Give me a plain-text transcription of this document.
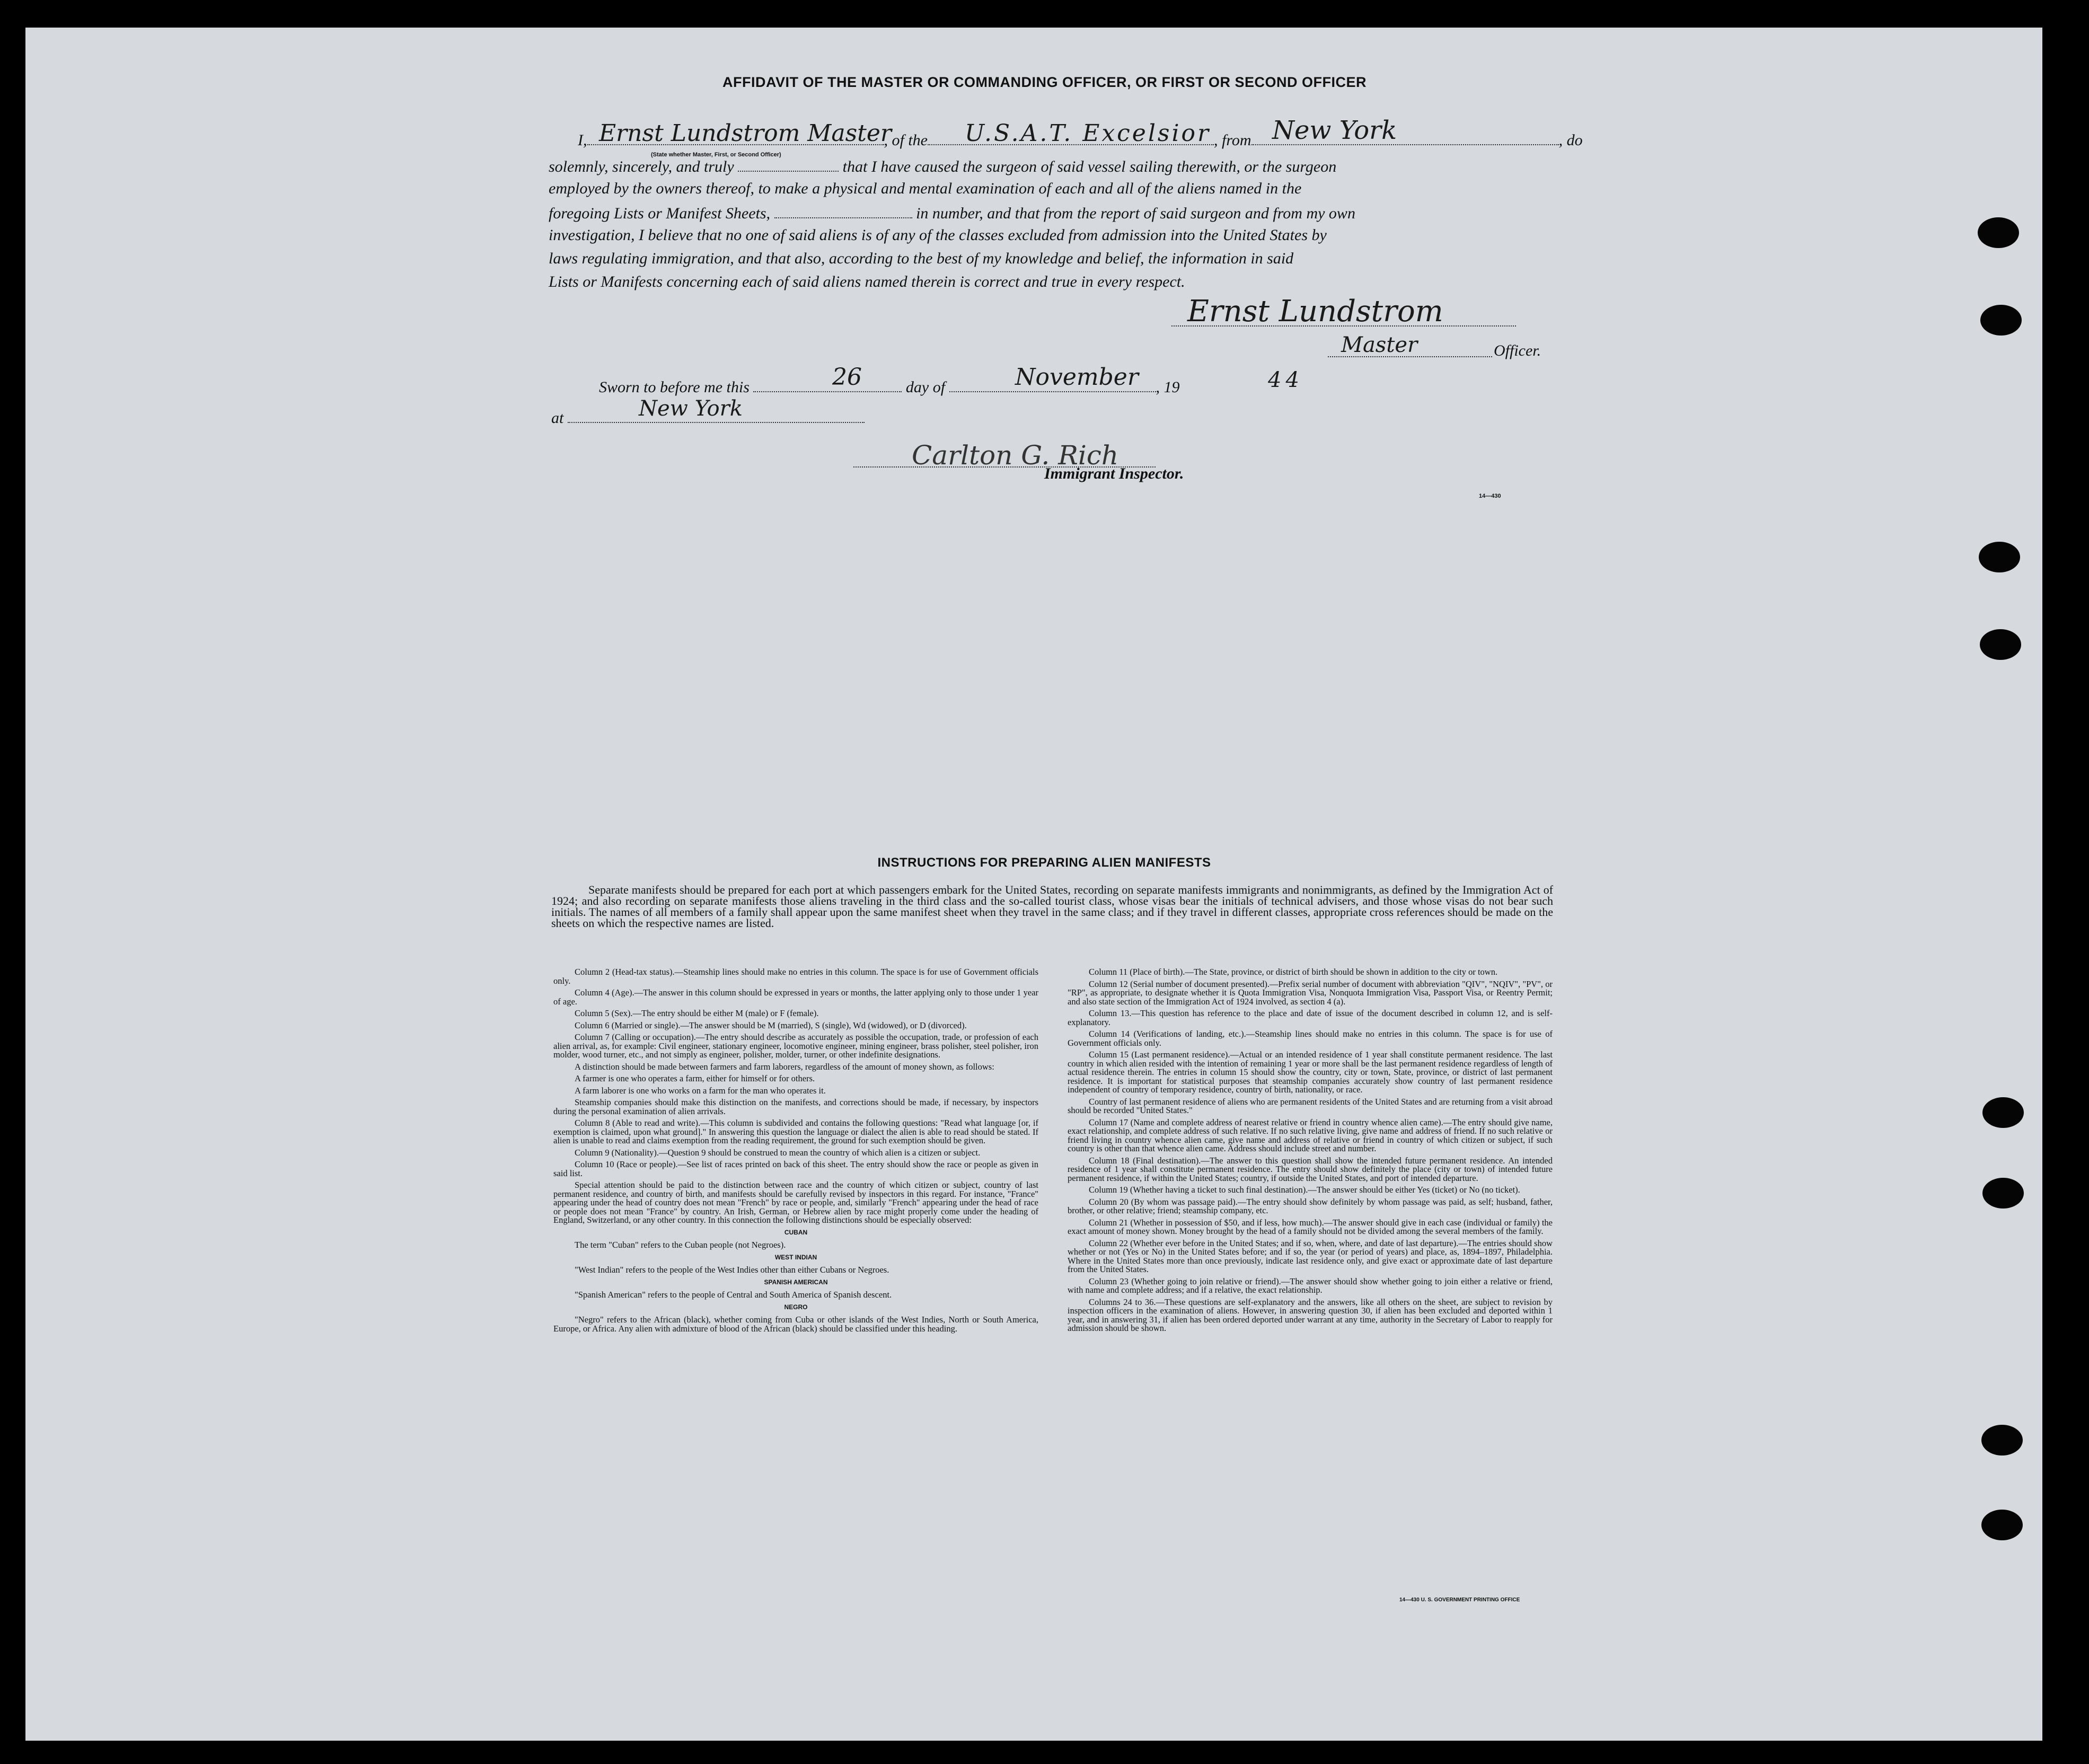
AFFIDAVIT OF THE MASTER OR COMMANDING OFFICER, OR FIRST OR SECOND OFFICER
I,	, of the	, from	, do
Ernst Lundstrom Master	U.S.A.T. Excelsior New York
(State whether Master, First, or Second Officer)
solemnly, sincerely, and truly	that I have caused the surgeon of said vessel sailing therewith, or the surgeon
employed by the owners thereof, to make a physical and mental examination of each and all of the aliens named in the
foregoing Lists or Manifest Sheets,	in number, and that from the report of said surgeon and from my own
investigation, I believe that no one of said aliens is of any of the classes excluded from admission into the United States by
laws regulating immigration, and that also, according to the best of my knowledge and belief, the information in said
Lists or Manifests concerning each of said aliens named therein is correct and true in every respect.
Ernst Lundstrom
Master	Officer.
Sworn to before me this	day of	, 19
26	November	44
at	New York
Carlton G. Rich
Immigrant Inspector.
14—430
INSTRUCTIONS FOR PREPARING ALIEN MANIFESTS
Separate manifests should be prepared for each port at which passengers embark for the United States, recording on separate manifests immigrants and nonimmigrants, as defined by the Immigration Act of 1924; and also recording on separate manifests those aliens traveling in the third class and the so-called tourist class, whose visas bear the initials of technical advisers, and those whose visas do not bear such initials. The names of all members of a family shall appear upon the same manifest sheet when they travel in the same class; and if they travel in different classes, appropriate cross references should be made on the sheets on which the respective names are listed.

Column 2 (Head-tax status).—Steamship lines should make no entries in this column. The space is for use of Government officials only.

Column 4 (Age).—The answer in this column should be expressed in years or months, the latter applying only to those under 1 year of age.

Column 5 (Sex).—The entry should be either M (male) or F (female).

Column 6 (Married or single).—The answer should be M (married), S (single), Wd (widowed), or D (divorced).

Column 7 (Calling or occupation).—The entry should describe as accurately as possible the occupation, trade, or profession of each alien arrival, as, for example: Civil engineer, stationary engineer, locomotive engineer, mining engineer, brass polisher, steel polisher, iron molder, wood turner, etc., and not simply as engineer, polisher, molder, turner, or other indefinite designations.

A distinction should be made between farmers and farm laborers, regardless of the amount of money shown, as follows:

A farmer is one who operates a farm, either for himself or for others.

A farm laborer is one who works on a farm for the man who operates it.

Steamship companies should make this distinction on the manifests, and corrections should be made, if necessary, by inspectors during the personal examination of alien arrivals.

Column 8 (Able to read and write).—This column is subdivided and contains the following questions: "Read what language [or, if exemption is claimed, upon what ground]." In answering this question the language or dialect the alien is able to read should be stated. If alien is unable to read and claims exemption from the reading requirement, the ground for such exemption should be given.

Column 9 (Nationality).—Question 9 should be construed to mean the country of which alien is a citizen or subject.

Column 10 (Race or people).—See list of races printed on back of this sheet. The entry should show the race or people as given in said list.

Special attention should be paid to the distinction between race and the country of which citizen or subject, country of last permanent residence, and country of birth, and manifests should be carefully revised by inspectors in this regard. For instance, "France" appearing under the head of country does not mean "French" by race or people, and, similarly "French" appearing under the head of race or people does not mean "France" by country. An Irish, German, or Hebrew alien by race might properly come under the heading of England, Switzerland, or any other country. In this connection the following distinctions should be especially observed:

CUBAN

The term "Cuban" refers to the Cuban people (not Negroes).

WEST INDIAN

"West Indian" refers to the people of the West Indies other than either Cubans or Negroes.

SPANISH AMERICAN

"Spanish American" refers to the people of Central and South America of Spanish descent.

NEGRO

"Negro" refers to the African (black), whether coming from Cuba or other islands of the West Indies, North or South America, Europe, or Africa. Any alien with admixture of blood of the African (black) should be classified under this heading.

Column 11 (Place of birth).—The State, province, or district of birth should be shown in addition to the city or town.

Column 12 (Serial number of document presented).—Prefix serial number of document with abbreviation "QIV", "NQIV", "PV", or "RP", as appropriate, to designate whether it is Quota Immigration Visa, Nonquota Immigration Visa, Passport Visa, or Reentry Permit; and also state section of the Immigration Act of 1924 involved, as section 4 (a).

Column 13.—This question has reference to the place and date of issue of the document described in column 12, and is self-explanatory.

Column 14 (Verifications of landing, etc.).—Steamship lines should make no entries in this column. The space is for use of Government officials only.

Column 15 (Last permanent residence).—Actual or an intended residence of 1 year shall constitute permanent residence. The last country in which alien resided with the intention of remaining 1 year or more shall be the last permanent residence regardless of length of actual residence therein. The entries in column 15 should show the country, city or town, State, province, or district of last permanent residence. It is important for statistical purposes that steamship companies accurately show country of last permanent residence independent of country of temporary residence, country of birth, nationality, or race.

Country of last permanent residence of aliens who are permanent residents of the United States and are returning from a visit abroad should be recorded "United States."

Column 17 (Name and complete address of nearest relative or friend in country whence alien came).—The entry should give name, exact relationship, and complete address of such relative. If no such relative living, give name and address of friend. If no such relative or friend living in country whence alien came, give name and address of relative or friend in country of which citizen or subject, if such country is other than that whence alien came. Address should include street and number.

Column 18 (Final destination).—The answer to this question shall show the intended future permanent residence. An intended residence of 1 year shall constitute permanent residence. The entry should show definitely the place (city or town) of intended future permanent residence, if within the United States; country, if outside the United States, and port of intended departure.

Column 19 (Whether having a ticket to such final destination).—The answer should be either Yes (ticket) or No (no ticket).

Column 20 (By whom was passage paid).—The entry should show definitely by whom passage was paid, as self; husband, father, brother, or other relative; friend; steamship company, etc.

Column 21 (Whether in possession of $50, and if less, how much).—The answer should give in each case (individual or family) the exact amount of money shown. Money brought by the head of a family should not be divided among the several members of the family.

Column 22 (Whether ever before in the United States; and if so, when, where, and date of last departure).—The entries should show whether or not (Yes or No) in the United States before; and if so, the year (or period of years) and place, as, 1894–1897, Philadelphia. Where in the United States more than once previously, indicate last residence only, and give exact or approximate date of last departure from the United States.

Column 23 (Whether going to join relative or friend).—The answer should show whether going to join either a relative or friend, with name and complete address; and if a relative, the exact relationship.

Columns 24 to 36.—These questions are self-explanatory and the answers, like all others on the sheet, are subject to revision by inspection officers in the examination of aliens. However, in answering question 30, if alien has been excluded and deported within 1 year, and in answering 31, if alien has been ordered deported under warrant at any time, authority in the Secretary of Labor to reapply for admission should be shown.

14—430 U. S. GOVERNMENT PRINTING OFFICE
